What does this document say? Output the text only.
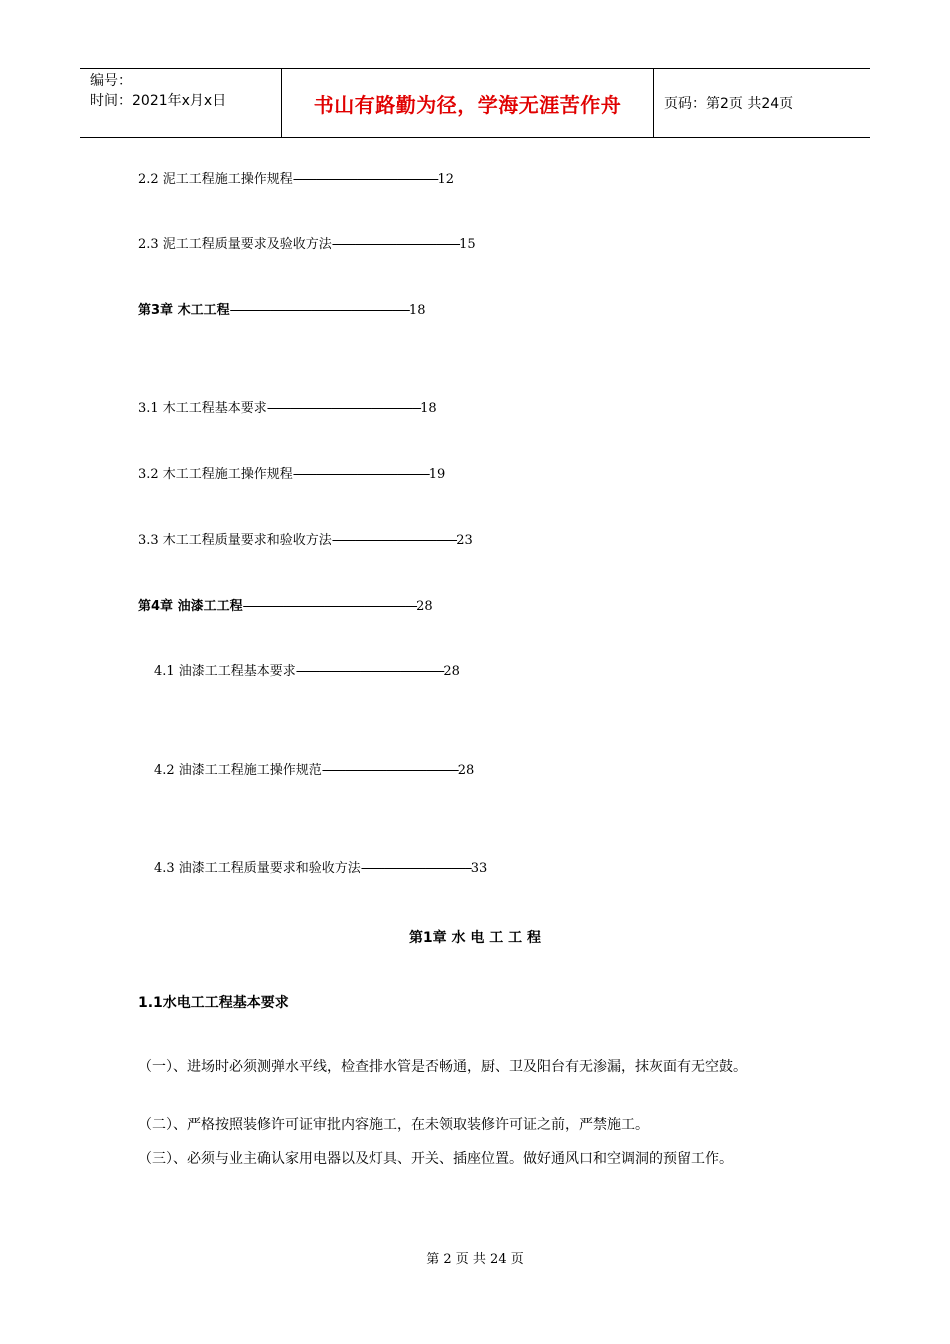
编号：
时间：2021年x月x日	书山有路勤为径，学海无涯苦作舟	页码：第2页 共24页
2.2 泥工工程施工操作规程--------------------------------------------------12
2.3 泥工工程质量要求及验收方法--------------------------------------------15
第3章 木工工程--------------------------------------------------------------18
3.1 木工工程基本要求-----------------------------------------------------18
3.2 木工工程施工操作规程-----------------------------------------------19
3.3 木工工程质量要求和验收方法-------------------------------------------23
第4章 油漆工工程------------------------------------------------------------28
4.1 油漆工工程基本要求---------------------------------------------------28
4.2 油漆工工程施工操作规范-----------------------------------------------28
4.3 油漆工工程质量要求和验收方法--------------------------------------33
第1章 水 电 工 工 程
1.1水电工工程基本要求
（一）、进场时必须测弹水平线，检查排水管是否畅通，厨、卫及阳台有无渗漏，抹灰面有无空鼓。
（二）、严格按照装修许可证审批内容施工，在未领取装修许可证之前，严禁施工。
（三）、必须与业主确认家用电器以及灯具、开关、插座位置。做好通风口和空调洞的预留工作。
第 2 页 共 24 页
